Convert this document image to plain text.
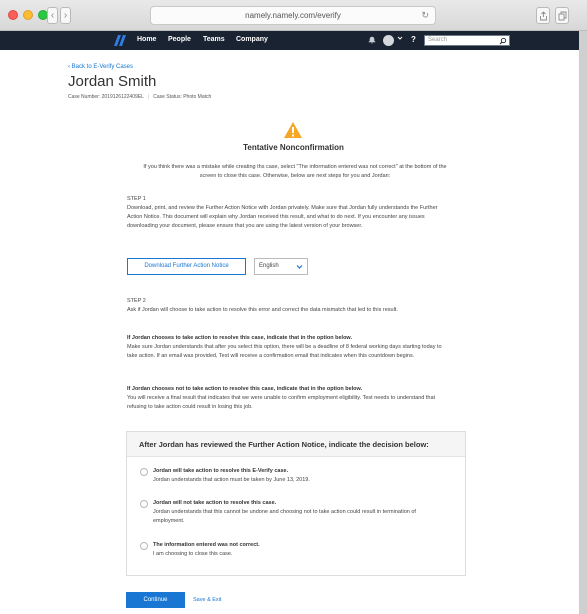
‹ ›	namely.namely.com/everify	↻
Home People Teams Company	?	Search
‹ Back to E-Verify Cases
Jordan Smith
Case Number: 2019126122409EL | Case Status: Photo Match
Tentative Nonconfirmation
If you think there was a mistake while creating ths case, select "The information entered was not correct" at the bottom of the screen to close this case. Otherwise, below are next steps for you and Jordan:
STEP 1
Download, print, and review the Further Action Notice with Jordan privately. Make sure that Jordan fully understands the Further Action Notice. This document will explain why Jordan received this result, and what to do next. If you encounter any issues downloading your document, please ensure that you are using the latest version of your browser.
Download Further Action Notice	English
STEP 2
Ask if Jordan will choose to take action to resolve this error and correct the data mismatch that led to this result.
If Jordan chooses to take action to resolve this case, indicate that in the option below.
Make sure Jordan understands that after you select this option, there will be a deadline of 8 federal working days starting today to take action. If an email was provided, Test will receive a confirmation email that indicates when this countdown begins.
If Jordan chooses not to take action to resolve this case, indicate that in the option below.
You will receive a final result that indicates that we were unable to confirm employment eligibility. Test needs to understand that refusing to take action could result in losing this job.
After Jordan has reviewed the Further Action Notice, indicate the decision below:
Jordan will take action to resolve this E-Verify case.
Jordan understands that action must be taken by June 13, 2019.
Jordan will not take action to resolve this case.
Jordan understands that this cannot be undone and choosing not to take action could result in termination of employment.
The information entered was not correct.
I am choosing to close this case.
Continue	Save & Exit
